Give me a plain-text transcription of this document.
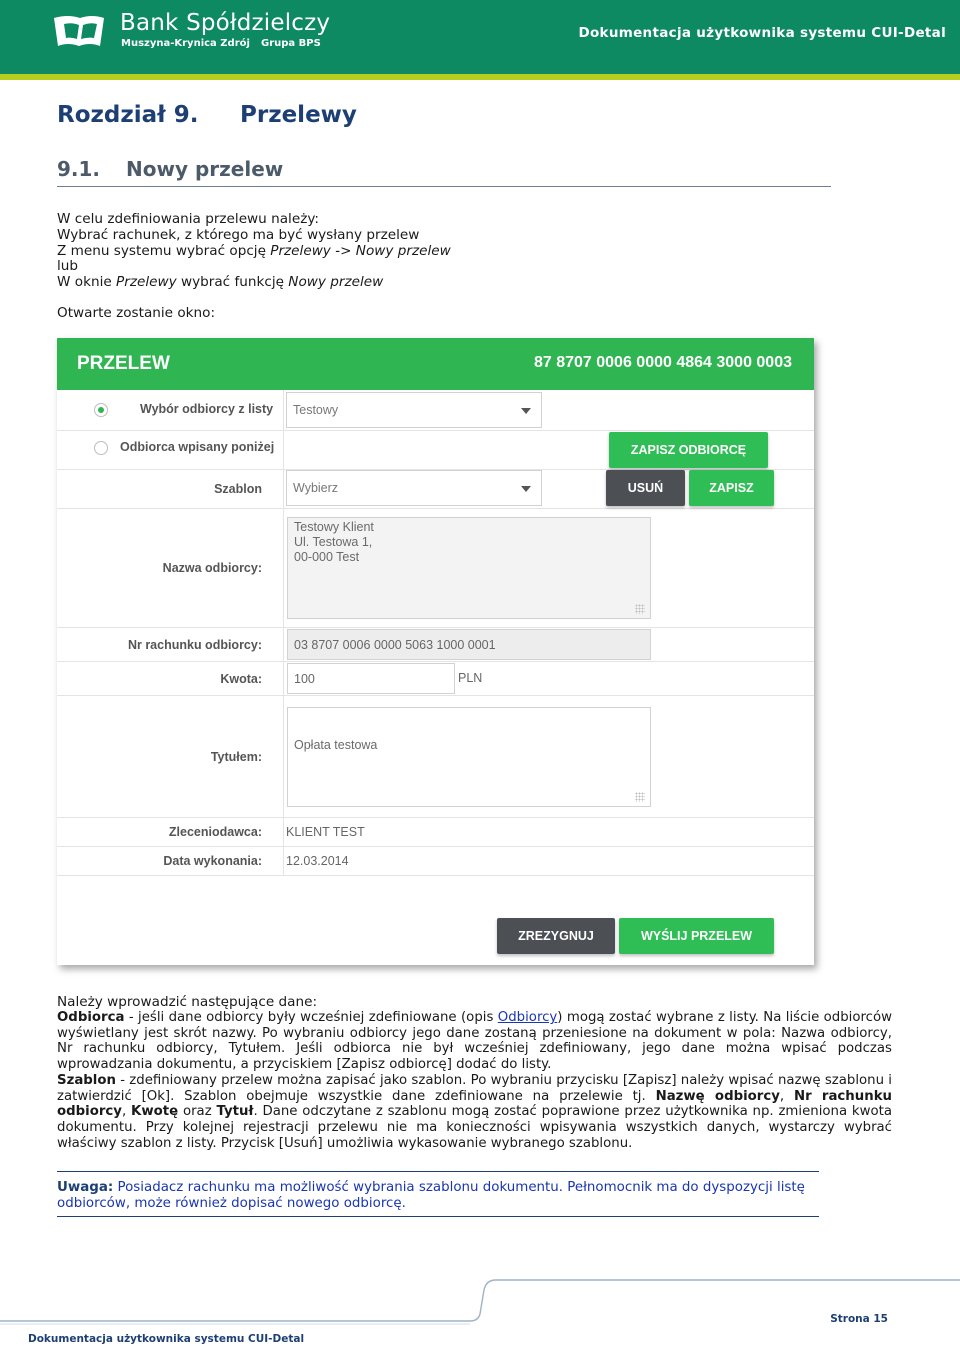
Bank Spółdzielczy
Muszyna-Krynica Zdrój Grupa BPS
Dokumentacja użytkownika systemu CUI-Detal
Rozdział 9. Przelewy
9.1. Nowy przelew
W celu zdefiniowania przelewu należy:
Wybrać rachunek, z którego ma być wysłany przelew
Z menu systemu wybrać opcję Przelewy -> Nowy przelew
lub
W oknie Przelewy wybrać funkcję Nowy przelew
Otwarte zostanie okno:
PRZELEW	87 8707 0006 0000 4864 3000 0003
Wybór odbiorcy z listy Testowy
Odbiorca wpisany poniżej	ZAPISZ ODBIORCĘ
Szablon Wybierz	USUŃ	ZAPISZ
Nazwa odbiorcy:
Testowy Klient
Ul. Testowa 1,
00-000 Test
Nr rachunku odbiorcy:	03 8707 0006 0000 5063 1000 0001
Kwota:	100	PLN
Tytułem:
Opłata testowa
Zleceniodawca: KLIENT TEST
Data wykonania: 12.03.2014
ZREZYGNUJ	WYŚLIJ PRZELEW
Należy wprowadzić następujące dane:
Odbiorca - jeśli dane odbiorcy były wcześniej zdefiniowane (opis Odbiorcy) mogą zostać wybrane z listy. Na liście odbiorców wyświetlany jest skrót nazwy. Po wybraniu odbiorcy jego dane zostaną przeniesione na dokument w pola: Nazwa odbiorcy, Nr rachunku odbiorcy, Tytułem. Jeśli odbiorca nie był wcześniej zdefiniowany, jego dane można wpisać podczas wprowadzania dokumentu, a przyciskiem [Zapisz odbiorcę] dodać do listy.
Szablon - zdefiniowany przelew można zapisać jako szablon. Po wybraniu przycisku [Zapisz] należy wpisać nazwę szablonu i zatwierdzić [Ok]. Szablon obejmuje wszystkie dane zdefiniowane na przelewie tj. Nazwę odbiorcy, Nr rachunku odbiorcy, Kwotę oraz Tytuł. Dane odczytane z szablonu mogą zostać poprawione przez użytkownika np. zmieniona kwota dokumentu. Przy kolejnej rejestracji przelewu nie ma konieczności wpisywania wszystkich danych, wystarczy wybrać właściwy szablon z listy. Przycisk [Usuń] umożliwia wykasowanie wybranego szablonu.
Uwaga: Posiadacz rachunku ma możliwość wybrania szablonu dokumentu. Pełnomocnik ma do dyspozycji listę odbiorców, może również dopisać nowego odbiorcę.
Strona 15
Dokumentacja użytkownika systemu CUI-Detal
